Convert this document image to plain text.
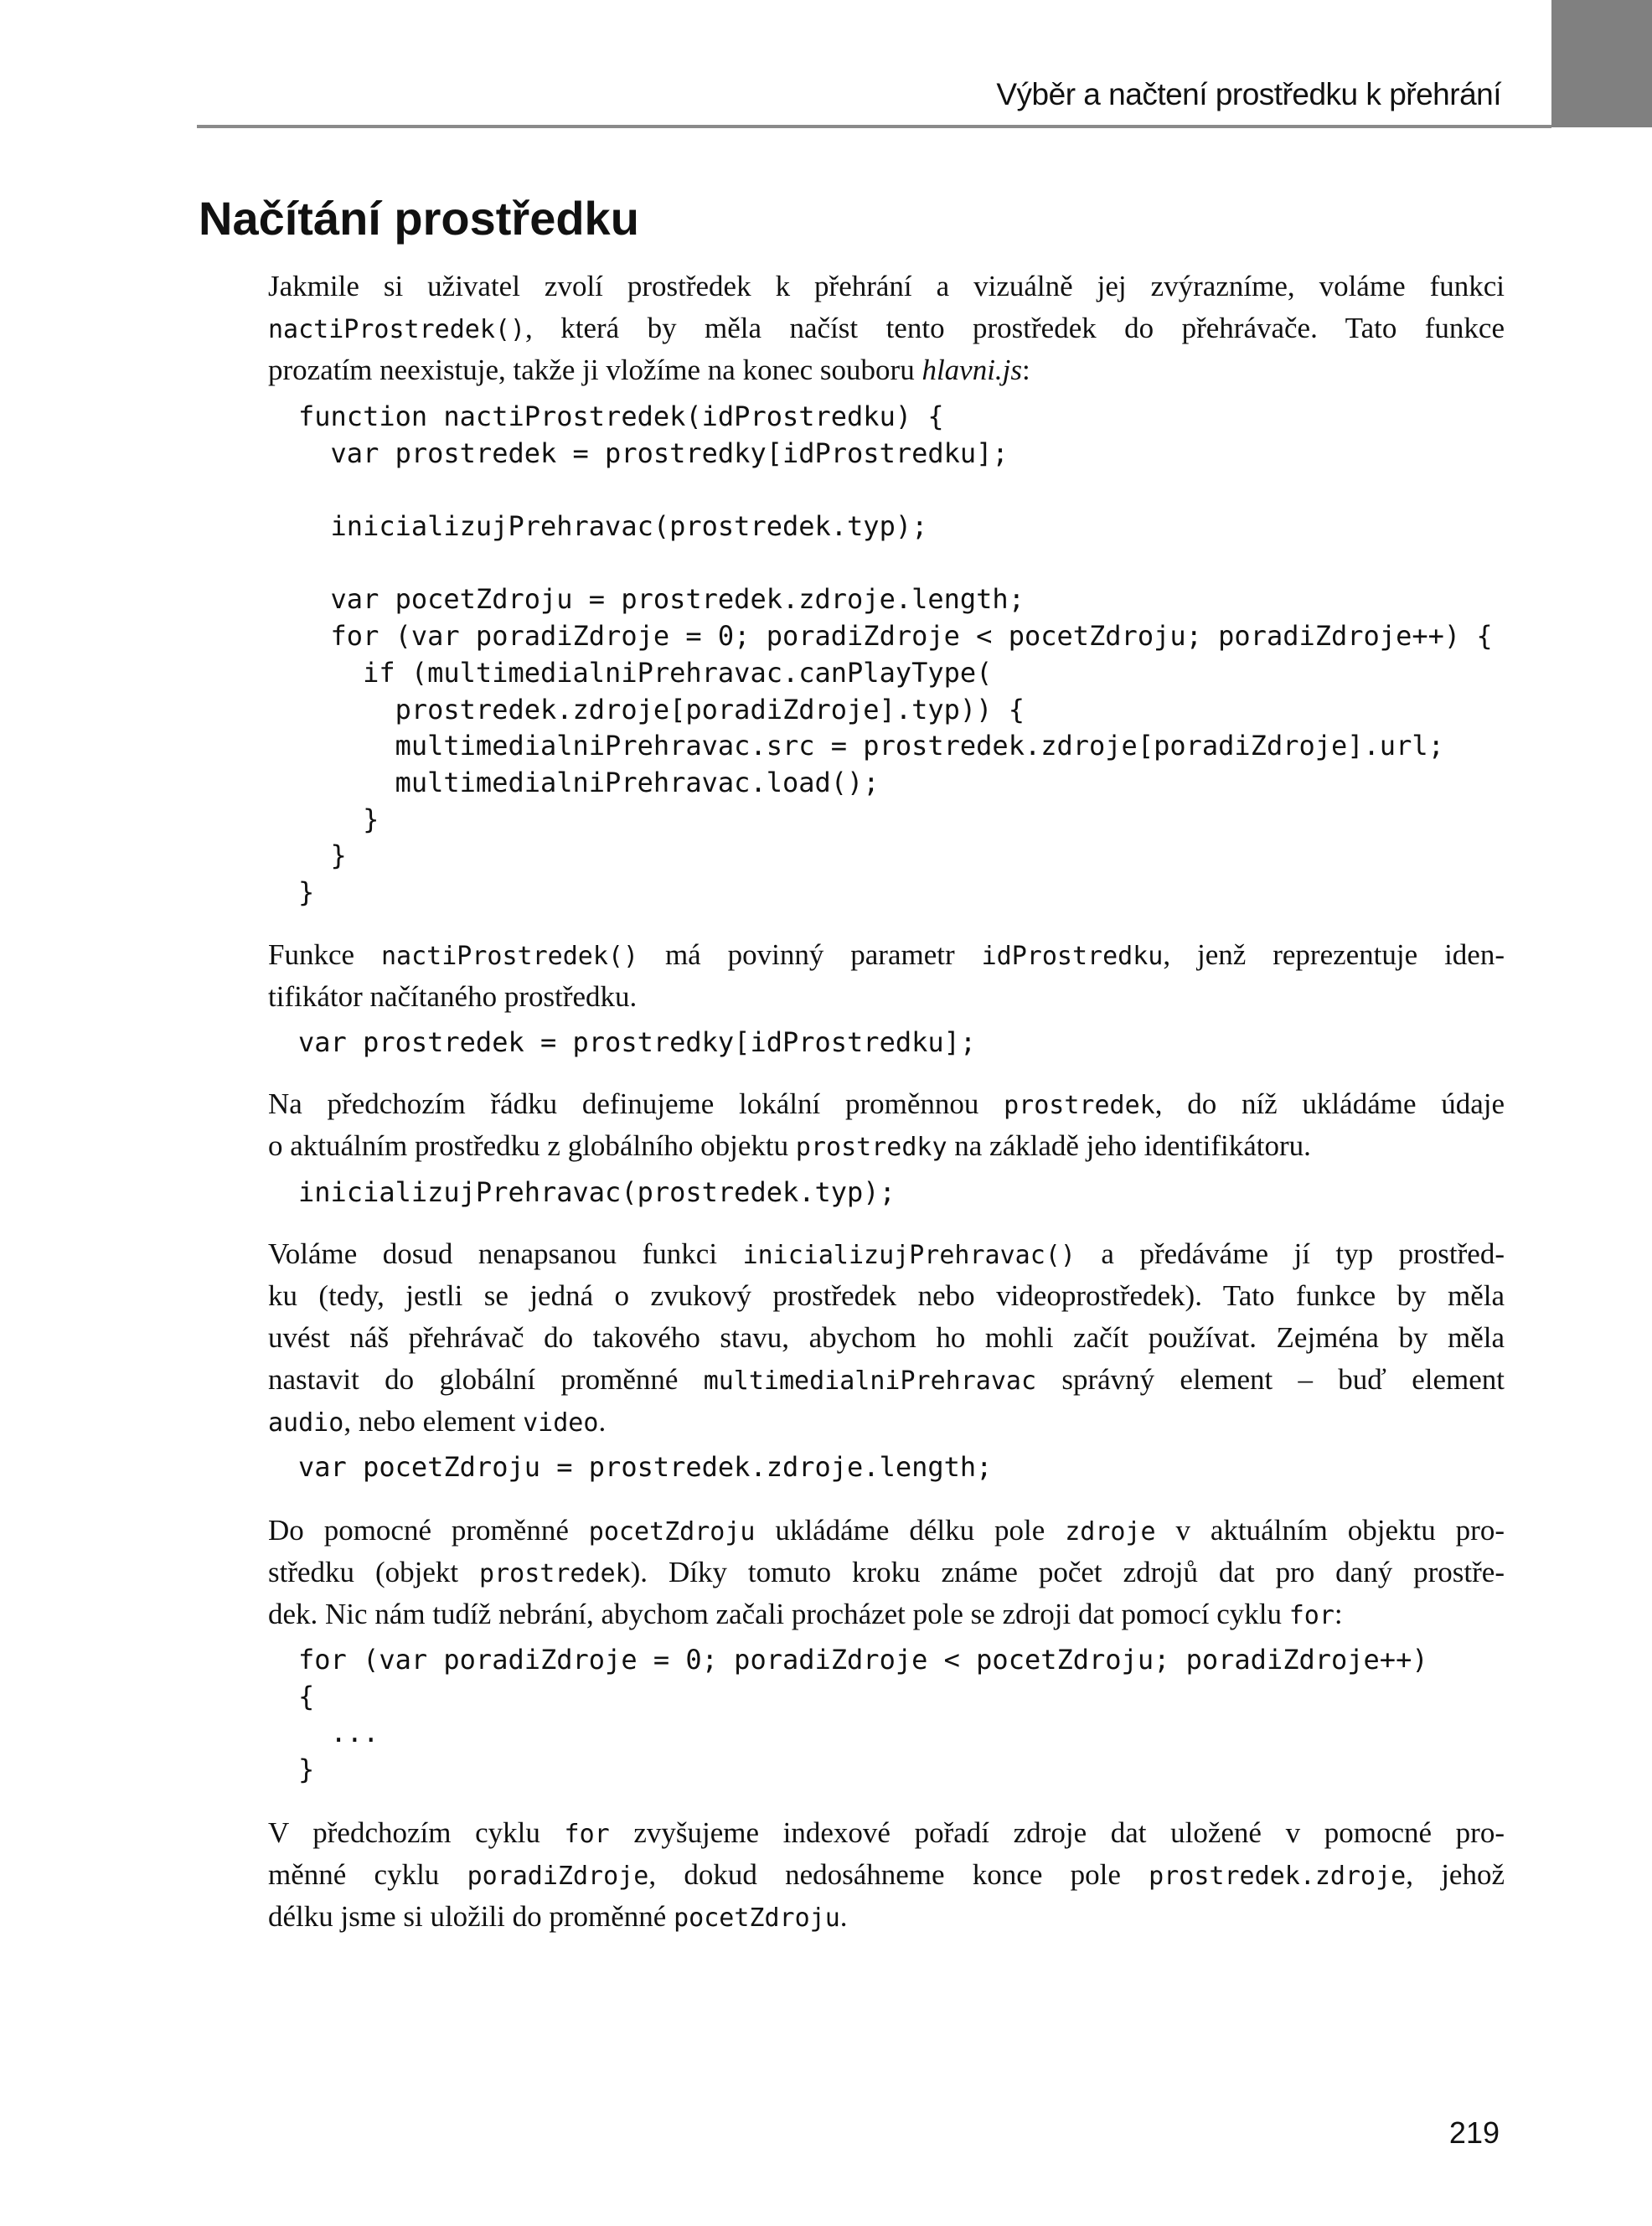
Výběr a načtení prostředku k přehrání
Načítání prostředku
Jakmile si uživatel zvolí prostředek k přehrání a vizuálně jej zvýrazníme, voláme funkci
nactiProstredek(), která by měla načíst tento prostředek do přehrávače. Tato funkce
prozatím neexistuje, takže ji vložíme na konec souboru hlavni.js:
function nactiProstredek(idProstredku) {
var prostredek = prostredky[idProstredku];
inicializujPrehravac(prostredek.typ);
var pocetZdroju = prostredek.zdroje.length;
for (var poradiZdroje = 0; poradiZdroje < pocetZdroju; poradiZdroje++) {
if (multimedialniPrehravac.canPlayType(
prostredek.zdroje[poradiZdroje].typ)) {
multimedialniPrehravac.src = prostredek.zdroje[poradiZdroje].url;
multimedialniPrehravac.load();
}
}
}
Funkce nactiProstredek() má povinný parametr idProstredku, jenž reprezentuje iden-
tifikátor načítaného prostředku.
var prostredek = prostredky[idProstredku];
Na předchozím řádku definujeme lokální proměnnou prostredek, do níž ukládáme údaje
o aktuálním prostředku z globálního objektu prostredky na základě jeho identifikátoru.
inicializujPrehravac(prostredek.typ);
Voláme dosud nenapsanou funkci inicializujPrehravac() a předáváme jí typ prostřed-
ku (tedy, jestli se jedná o zvukový prostředek nebo videoprostředek). Tato funkce by měla
uvést náš přehrávač do takového stavu, abychom ho mohli začít používat. Zejména by měla
nastavit do globální proměnné multimedialniPrehravac správný element – buď element
audio, nebo element video.
var pocetZdroju = prostredek.zdroje.length;
Do pomocné proměnné pocetZdroju ukládáme délku pole zdroje v aktuálním objektu pro-
středku (objekt prostredek). Díky tomuto kroku známe počet zdrojů dat pro daný prostře-
dek. Nic nám tudíž nebrání, abychom začali procházet pole se zdroji dat pomocí cyklu for:
for (var poradiZdroje = 0; poradiZdroje < pocetZdroju; poradiZdroje++)
{
...
}
V předchozím cyklu for zvyšujeme indexové pořadí zdroje dat uložené v pomocné pro-
měnné cyklu poradiZdroje, dokud nedosáhneme konce pole prostredek.zdroje, jehož
délku jsme si uložili do proměnné pocetZdroju.
219
